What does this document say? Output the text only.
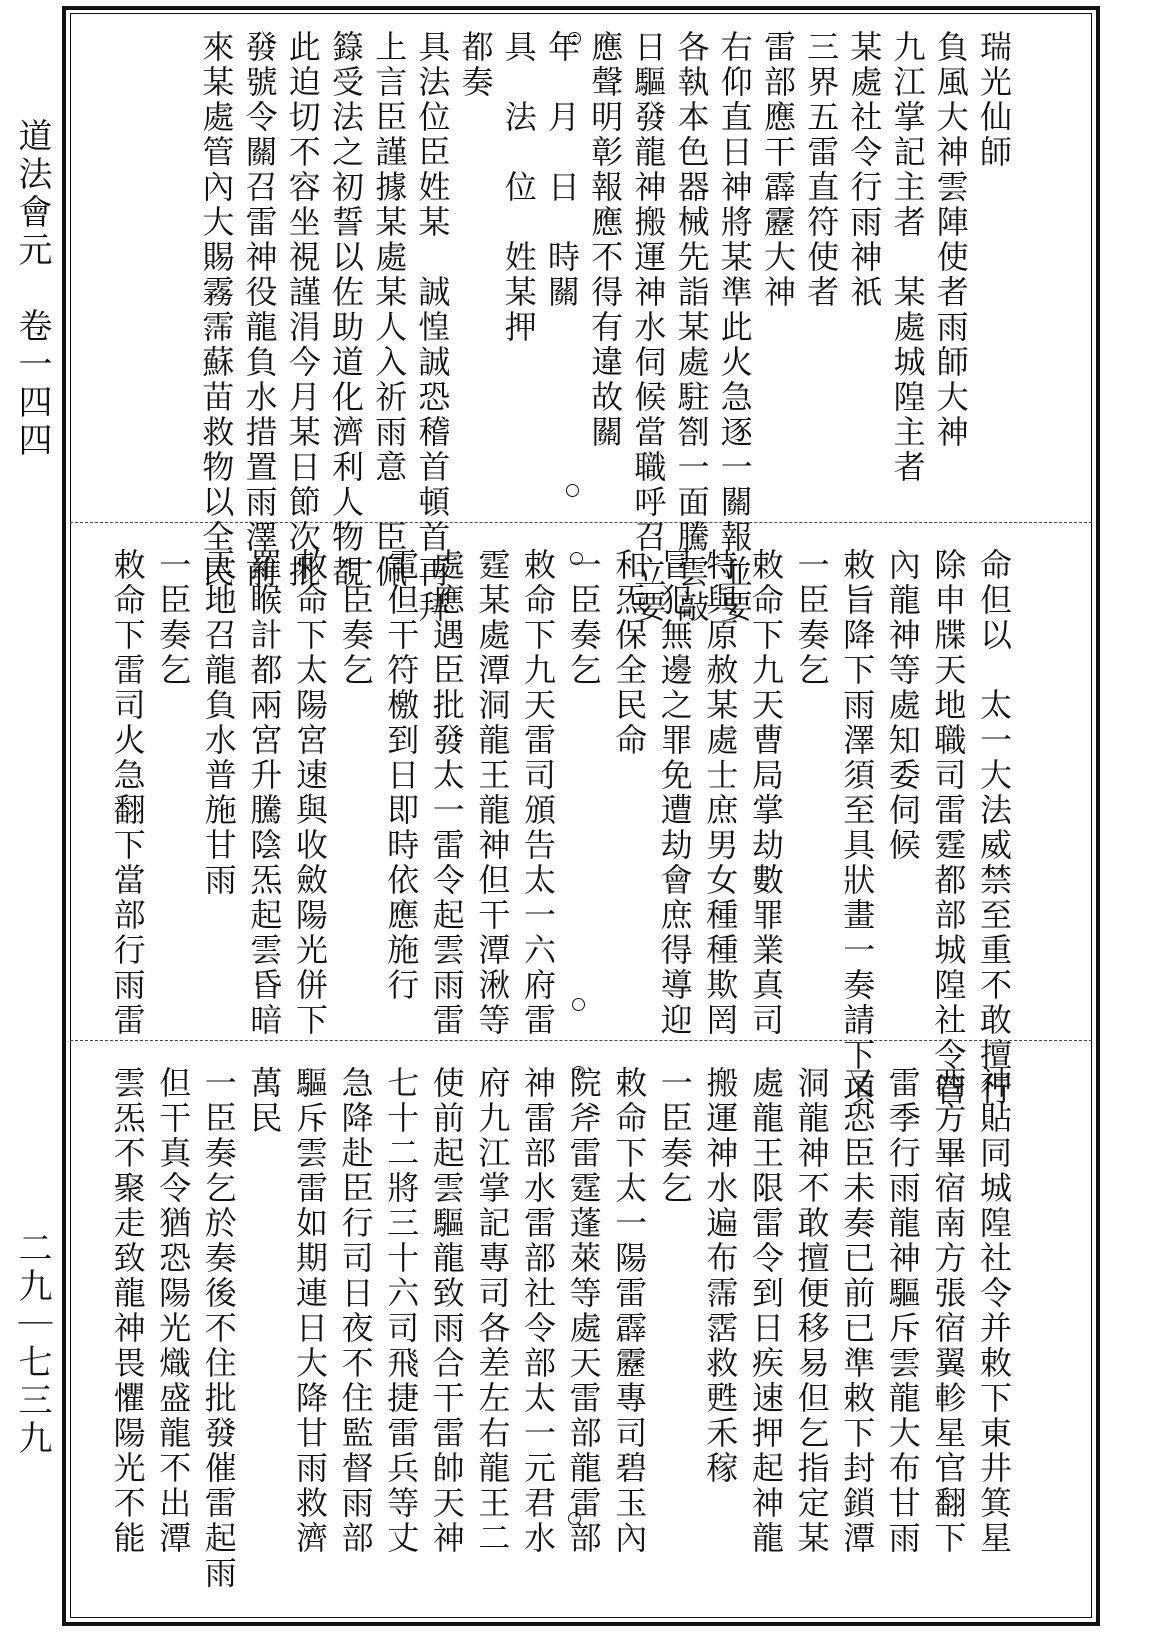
道法會元　卷一四四
二九｜七三九
瑞光仙師
負風大神雲陣使者雨師大神
九江掌記主者　某處城隍主者
某處社令行雨神祇
三界五雷直符使者
雷部應干霹靂大神
右仰直日神將某準此火急逐一關報並要
各執本色器械先詣某處駐劄一面騰雲敲
日驅發龍神搬運神水伺候當職呼召立要
應聲明彰報應不得有違故關
年　月　日　時關
具　法　位　姓某押
都奏
具法位臣姓某　誠惶誠恐稽首頓首再拜
上言臣謹據某處某人入祈雨意　臣佩
籙受法之初誓以佐助道化濟利人物覩
此迫切不容坐視謹涓今月某日節次批
發號令關召雷神役龍負水措置雨澤前
來某處管內大賜霧霈蘇苗救物以全民
命但以　太一大法威禁至重不敢擅行
除申牒天地職司雷霆都部城隍社令管
內龍神等處知委伺候
敕旨降下雨澤須至具狀畫一奏請下項
一臣奏乞
敕命下九天曹局掌劫數罪業真司
特與原赦某處士庶男女種種欺罔
冒犯無邊之罪免遭劫會庶得導迎
和炁保全民命
一臣奏乞
敕命下九天雷司頒告太一六府雷
霆某處潭洞龍王龍神但干潭湫等
處應遇臣批發太一雷令起雲雨雷
電但干符檄到日即時依應施行
一臣奏乞
敕命下太陽宮速與收斂陽光併下
羅睺計都兩宮升騰陰炁起雲昏暗
天地召龍負水普施甘雨
一臣奏乞
敕命下雷司火急翻下當部行雨雷
神貼同城隍社令并敕下東井箕星
西方畢宿南方張宿翼軫星官翻下
雷季行雨龍神驅斥雲龍大布甘雨
又恐臣未奏已前已準敕下封鎖潭
洞龍神不敢擅便移易但乞指定某
處龍王限雷令到日疾速押起神龍
搬運神水遍布霈霑救甦禾稼
一臣奏乞
敕命下太一陽雷霹靂專司碧玉內
院斧雷霆蓬萊等處天雷部龍雷部
神雷部水雷部社令部太一元君水
府九江掌記專司各差左右龍王二
使前起雲驅龍致雨合干雷帥天神
七十二將三十六司飛捷雷兵等丈
急降赴臣行司日夜不住監督雨部
驅斥雲雷如期連日大降甘雨救濟
萬民
一臣奏乞於奏後不住批發催雷起雨
但干真令猶恐陽光熾盛龍不出潭
雲炁不聚走致龍神畏懼陽光不能
